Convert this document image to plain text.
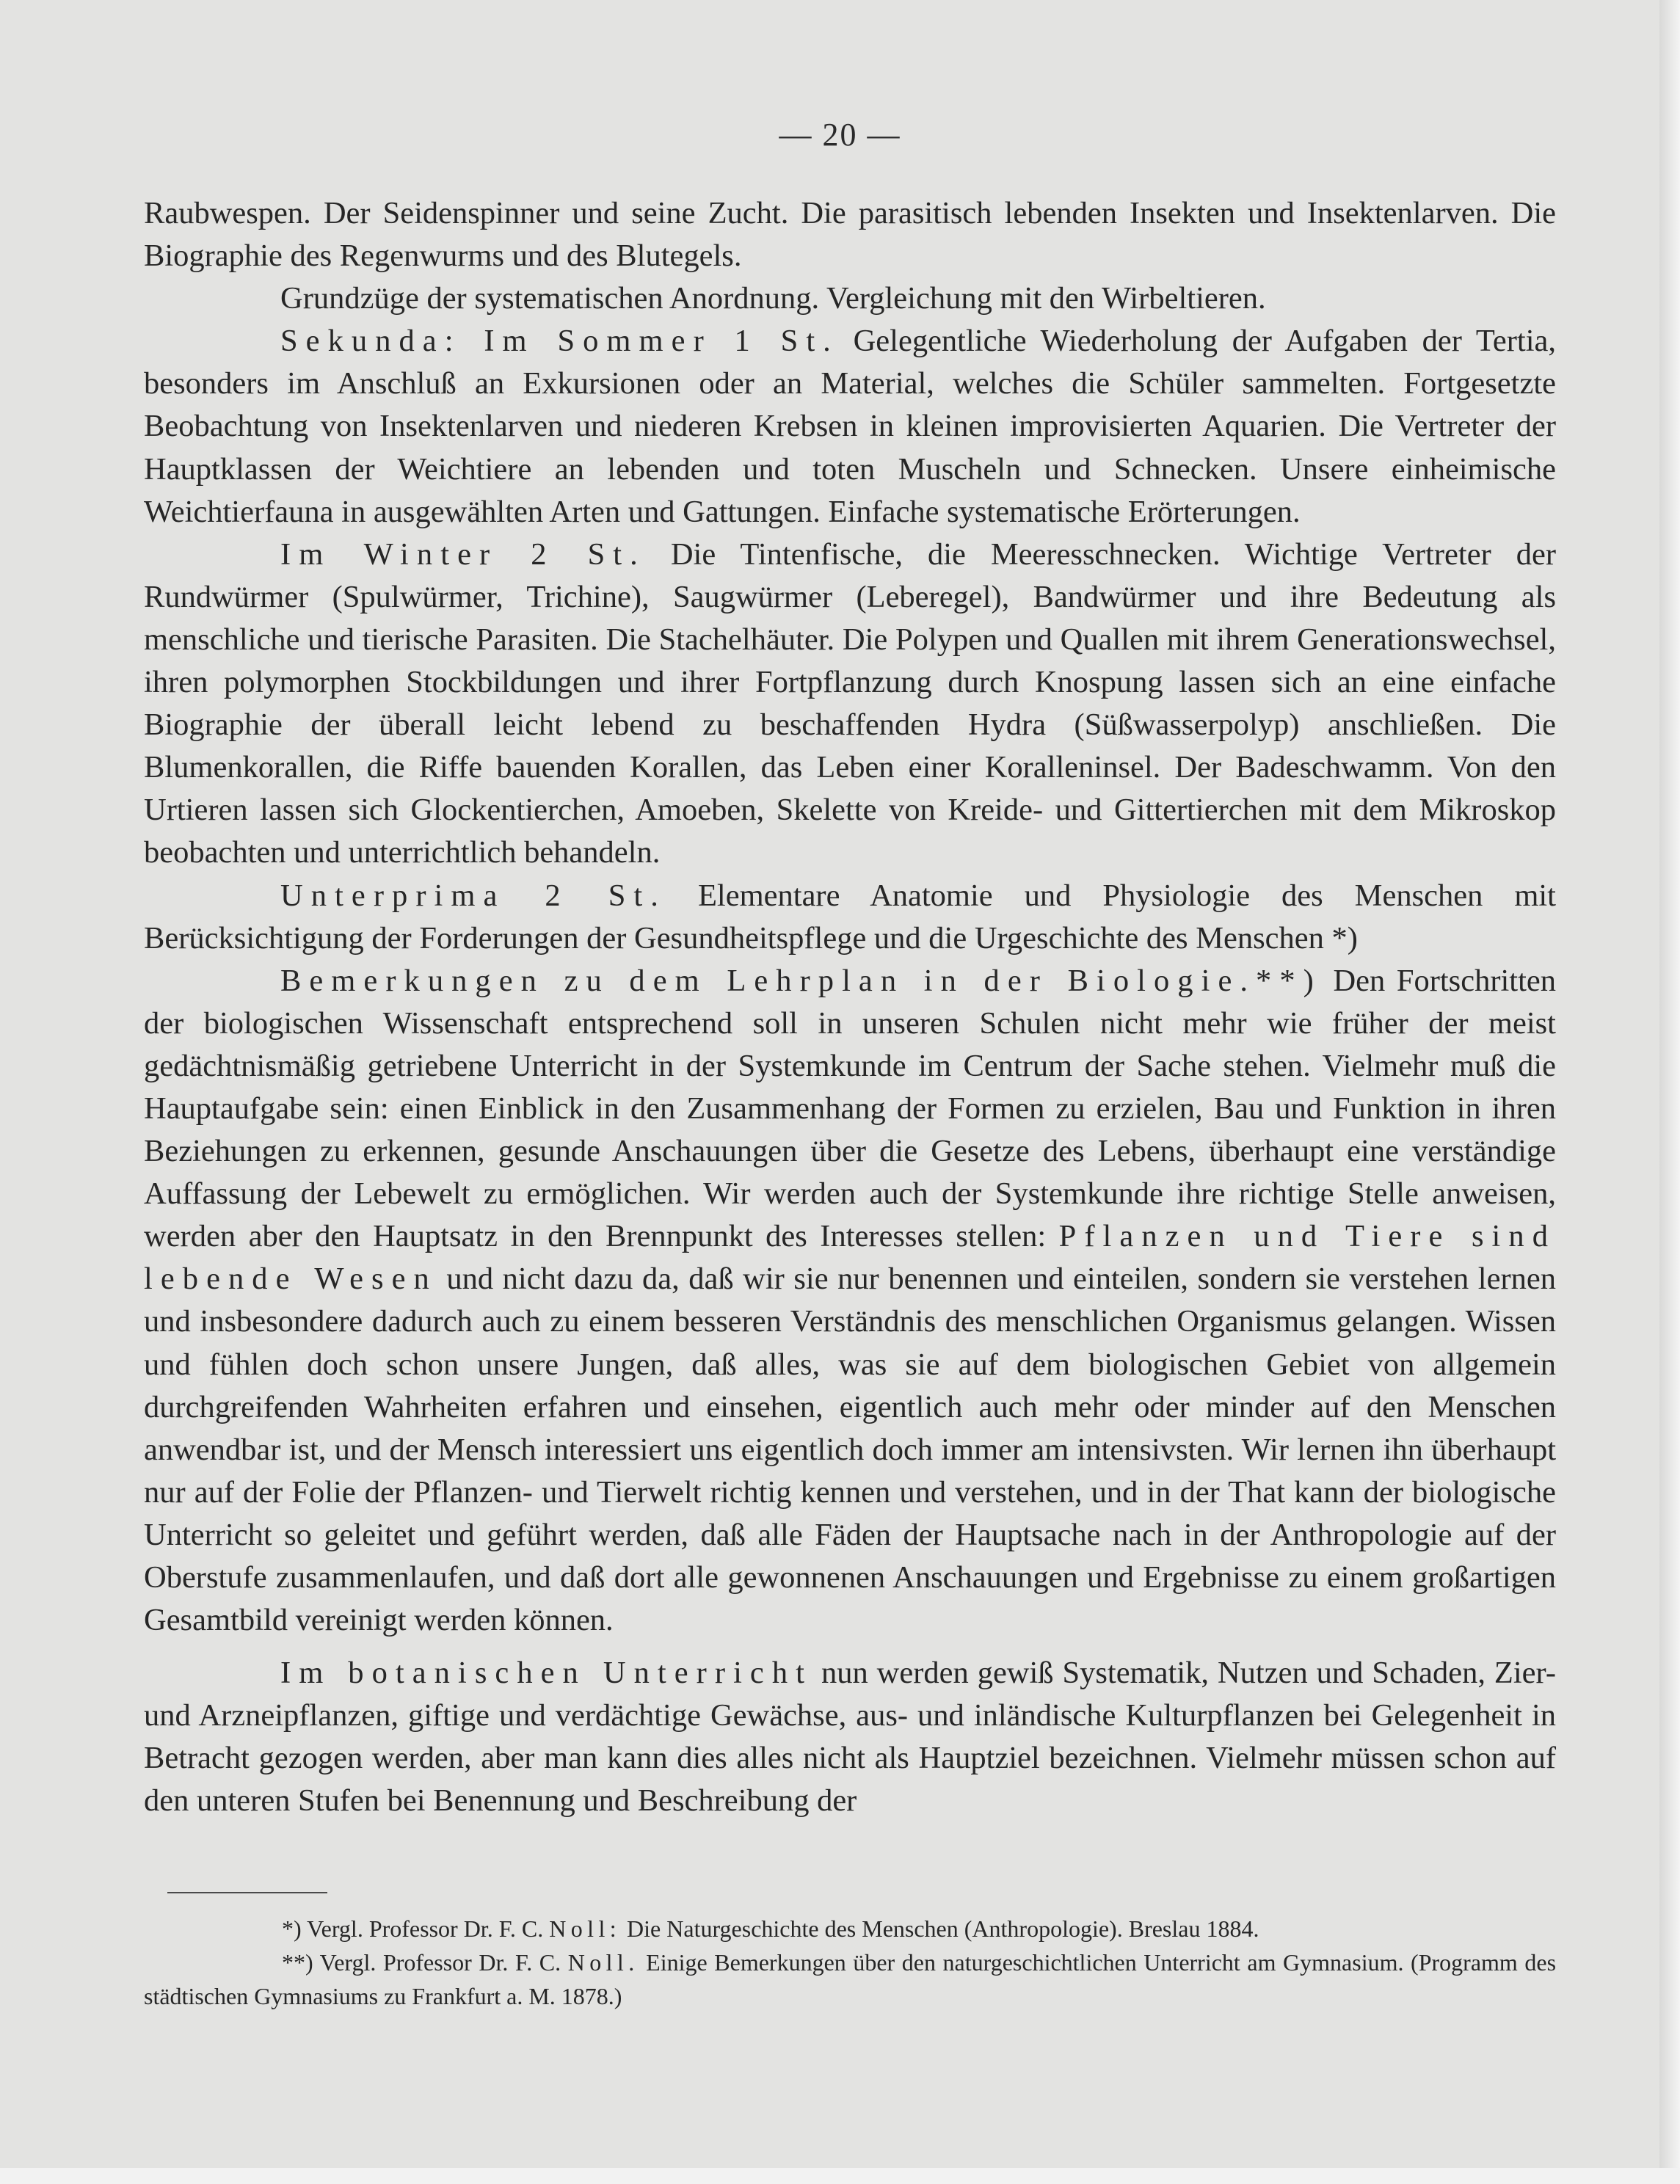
— 20 —

Raubwespen. Der Seidenspinner und seine Zucht. Die parasitisch lebenden Insekten und Insektenlarven. Die Biographie des Regenwurms und des Blutegels.

Grundzüge der systematischen Anordnung. Vergleichung mit den Wirbeltieren.

Sekunda: Im Sommer 1 St. Gelegentliche Wiederholung der Aufgaben der Tertia, besonders im Anschluß an Exkursionen oder an Material, welches die Schüler sammelten. Fortgesetzte Beobachtung von Insektenlarven und niederen Krebsen in kleinen improvisierten Aquarien. Die Vertreter der Hauptklassen der Weichtiere an lebenden und toten Muscheln und Schnecken. Unsere einheimische Weichtierfauna in ausgewählten Arten und Gattungen. Einfache systematische Erörterungen.

Im Winter 2 St. Die Tintenfische, die Meeresschnecken. Wichtige Vertreter der Rundwürmer (Spulwürmer, Trichine), Saugwürmer (Leberegel), Bandwürmer und ihre Bedeutung als menschliche und tierische Parasiten. Die Stachelhäuter. Die Polypen und Quallen mit ihrem Generationswechsel, ihren polymorphen Stockbildungen und ihrer Fortpflanzung durch Knospung lassen sich an eine einfache Biographie der überall leicht lebend zu beschaffenden Hydra (Süßwasserpolyp) anschließen. Die Blumenkorallen, die Riffe bauenden Korallen, das Leben einer Koralleninsel. Der Badeschwamm. Von den Urtieren lassen sich Glockentierchen, Amoeben, Skelette von Kreide- und Gittertierchen mit dem Mikroskop beobachten und unterrichtlich behandeln.

Unterprima 2 St. Elementare Anatomie und Physiologie des Menschen mit Berücksichtigung der Forderungen der Gesundheitspflege und die Urgeschichte des Menschen *)

Bemerkungen zu dem Lehrplan in der Biologie.**) Den Fortschritten der biologischen Wissenschaft entsprechend soll in unseren Schulen nicht mehr wie früher der meist gedächtnismäßig getriebene Unterricht in der Systemkunde im Centrum der Sache stehen. Vielmehr muß die Hauptaufgabe sein: einen Einblick in den Zusammenhang der Formen zu erzielen, Bau und Funktion in ihren Beziehungen zu erkennen, gesunde Anschauungen über die Gesetze des Lebens, überhaupt eine verständige Auffassung der Lebewelt zu ermöglichen. Wir werden auch der Systemkunde ihre richtige Stelle anweisen, werden aber den Hauptsatz in den Brennpunkt des Interesses stellen: Pflanzen und Tiere sind lebende Wesen und nicht dazu da, daß wir sie nur benennen und einteilen, sondern sie verstehen lernen und insbesondere dadurch auch zu einem besseren Verständnis des menschlichen Organismus gelangen. Wissen und fühlen doch schon unsere Jungen, daß alles, was sie auf dem biologischen Gebiet von allgemein durchgreifenden Wahrheiten erfahren und einsehen, eigentlich auch mehr oder minder auf den Menschen anwendbar ist, und der Mensch interessiert uns eigentlich doch immer am intensivsten. Wir lernen ihn überhaupt nur auf der Folie der Pflanzen- und Tierwelt richtig kennen und verstehen, und in der That kann der biologische Unterricht so geleitet und geführt werden, daß alle Fäden der Hauptsache nach in der Anthropologie auf der Oberstufe zusammenlaufen, und daß dort alle gewonnenen Anschauungen und Ergebnisse zu einem großartigen Gesamtbild vereinigt werden können.

Im botanischen Unterricht nun werden gewiß Systematik, Nutzen und Schaden, Zier- und Arzneipflanzen, giftige und verdächtige Gewächse, aus- und inländische Kulturpflanzen bei Gelegenheit in Betracht gezogen werden, aber man kann dies alles nicht als Hauptziel bezeichnen. Vielmehr müssen schon auf den unteren Stufen bei Benennung und Beschreibung der

*) Vergl. Professor Dr. F. C. Noll: Die Naturgeschichte des Menschen (Anthropologie). Breslau 1884.

**) Vergl. Professor Dr. F. C. Noll. Einige Bemerkungen über den naturgeschichtlichen Unterricht am Gymnasium. (Programm des städtischen Gymnasiums zu Frankfurt a. M. 1878.)
